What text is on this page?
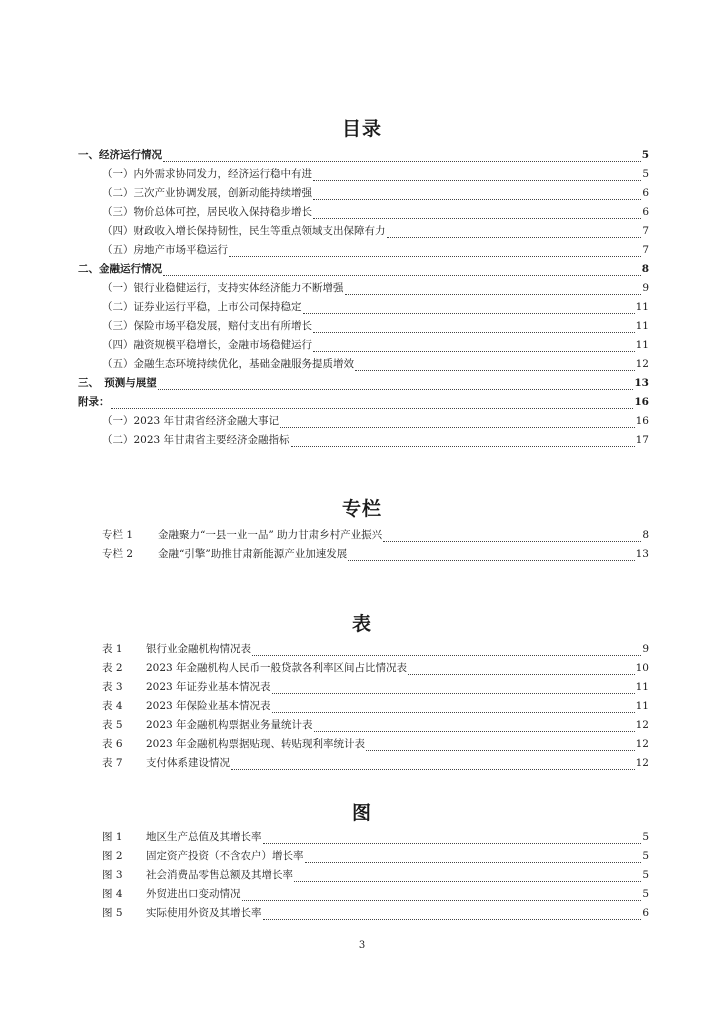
目录
一、经济运行情况	5
（一）内外需求协同发力，经济运行稳中有进	5
（二）三次产业协调发展，创新动能持续增强	6
（三）物价总体可控，居民收入保持稳步增长	6
（四）财政收入增长保持韧性，民生等重点领域支出保障有力	7
（五）房地产市场平稳运行	7
二、金融运行情况	8
（一）银行业稳健运行，支持实体经济能力不断增强	9
（二）证券业运行平稳，上市公司保持稳定	11
（三）保险市场平稳发展，赔付支出有所增长	11
（四）融资规模平稳增长，金融市场稳健运行	11
（五）金融生态环境持续优化，基础金融服务提质增效	12
三、　预测与展望	13
附录：	16
（一）2023 年甘肃省经济金融大事记	16
（二）2023 年甘肃省主要经济金融指标	17
专栏
专栏 1	金融聚力“一县一业一品” 助力甘肃乡村产业振兴	8
专栏 2	金融“引擎”助推甘肃新能源产业加速发展	13
表
表 1	银行业金融机构情况表	9
表 2	2023 年金融机构人民币一般贷款各利率区间占比情况表	10
表 3	2023 年证券业基本情况表	11
表 4	2023 年保险业基本情况表	11
表 5	2023 年金融机构票据业务量统计表	12
表 6	2023 年金融机构票据贴现、转贴现利率统计表	12
表 7	支付体系建设情况	12
图
图 1	地区生产总值及其增长率	5
图 2	固定资产投资（不含农户）增长率	5
图 3	社会消费品零售总额及其增长率	5
图 4	外贸进出口变动情况	5
图 5	实际使用外资及其增长率	6
3
